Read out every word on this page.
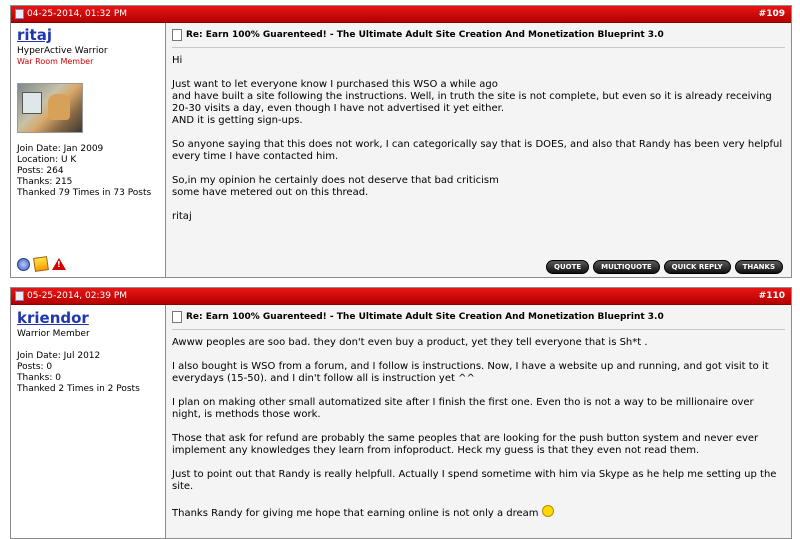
04-25-2014, 01:32 PM	#109
ritaj
HyperActive Warrior
War Room Member
Join Date: Jan 2009
Location: U K
Posts: 264
Thanks: 215
Thanked 79 Times in 73 Posts
!
Re: Earn 100% Guarenteed! - The Ultimate Adult Site Creation And Monetization Blueprint 3.0

Hi

Just want to let everyone know I purchased this WSO a while ago
and have built a site following the instructions. Well, in truth the site is not complete, but even so it is already receiving 20-30 visits a day, even though I have not advertised it yet either.
AND it is getting sign-ups.

So anyone saying that this does not work, I can categorically say that is DOES, and also that Randy has been very helpful every time I have contacted him.

So,in my opinion he certainly does not deserve that bad criticism
some have metered out on this thread.

ritaj

QUOTE	MULTIQUOTE	QUICK REPLY	THANKS
05-25-2014, 02:39 PM	#110
kriendor
Warrior Member
Join Date: Jul 2012
Posts: 0
Thanks: 0
Thanked 2 Times in 2 Posts
Re: Earn 100% Guarenteed! - The Ultimate Adult Site Creation And Monetization Blueprint 3.0

Awww peoples are soo bad. they don't even buy a product, yet they tell everyone that is Sh*t .

I also bought is WSO from a forum, and I follow is instructions. Now, I have a website up and running, and got visit to it everydays (15-50). and I din't follow all is instruction yet ^^

I plan on making other small automatized site after I finish the first one. Even tho is not a way to be millionaire over night, is methods those work.

Those that ask for refund are probably the same peoples that are looking for the push button system and never ever implement any knowledges they learn from infoproduct. Heck my guess is that they even not read them.

Just to point out that Randy is really helpfull. Actually I spend sometime with him via Skype as he help me setting up the site.

Thanks Randy for giving me hope that earning online is not only a dream
